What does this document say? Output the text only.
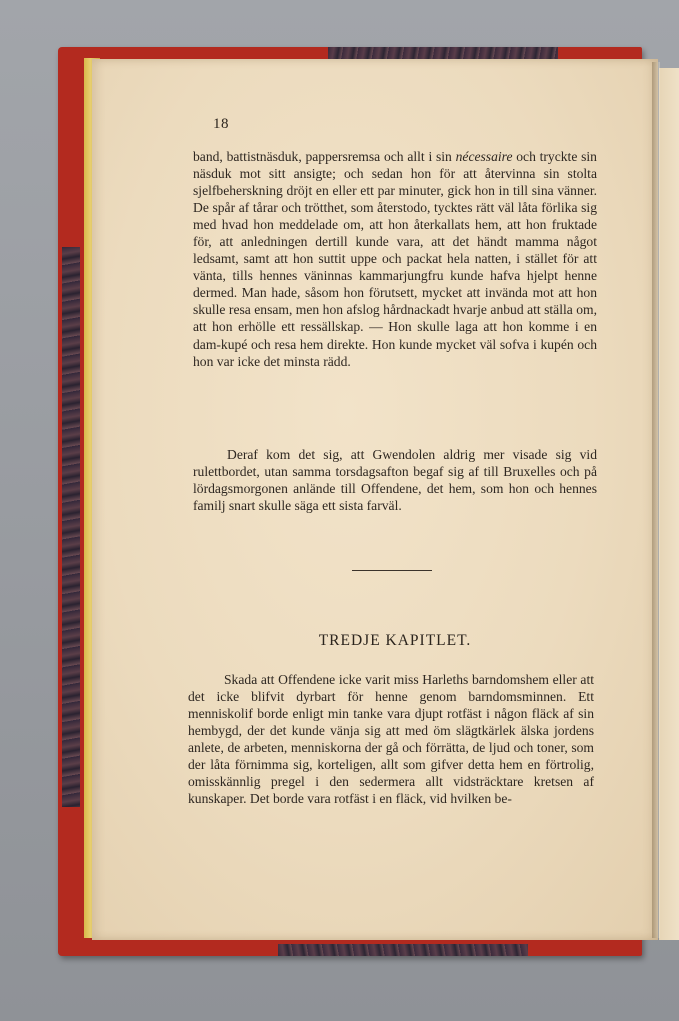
18

band, battistnäsduk, pappersremsa och allt i sin nécessaire och tryckte sin näsduk mot sitt ansigte; och sedan hon för att återvinna sin stolta sjelfbeherskning dröjt en eller ett par minuter, gick hon in till sina vänner. De spår af tårar och trötthet, som återstodo, tycktes rätt väl låta förlika sig med hvad hon meddelade om, att hon återkallats hem, att hon fruktade för, att anledningen dertill kunde vara, att det händt mamma något ledsamt, samt att hon suttit uppe och packat hela natten, i stället för att vänta, tills hennes väninnas kammarjungfru kunde hafva hjelpt henne dermed. Man hade, såsom hon förutsett, mycket att invända mot att hon skulle resa ensam, men hon afslog hårdnackadt hvarje anbud att ställa om, att hon erhölle ett ressällskap. — Hon skulle laga att hon komme i en dam-kupé och resa hem direkte. Hon kunde mycket väl sofva i kupén och hon var icke det minsta rädd.

Deraf kom det sig, att Gwendolen aldrig mer visade sig vid rulettbordet, utan samma torsdagsafton begaf sig af till Bruxelles och på lördagsmorgonen anlände till Offendene, det hem, som hon och hennes familj snart skulle säga ett sista farväl.

TREDJE KAPITLET.

Skada att Offendene icke varit miss Harleths barndomshem eller att det icke blifvit dyrbart för henne genom barndomsminnen. Ett menniskolif borde enligt min tanke vara djupt rotfäst i någon fläck af sin hembygd, der det kunde vänja sig att med öm slägtkärlek älska jordens anlete, de arbeten, menniskorna der gå och förrätta, de ljud och toner, som der låta förnimma sig, korteligen, allt som gifver detta hem en förtrolig, omisskännlig pregel i den sedermera allt vidsträcktare kretsen af kunskaper. Det borde vara rotfäst i en fläck, vid hvilken be-
